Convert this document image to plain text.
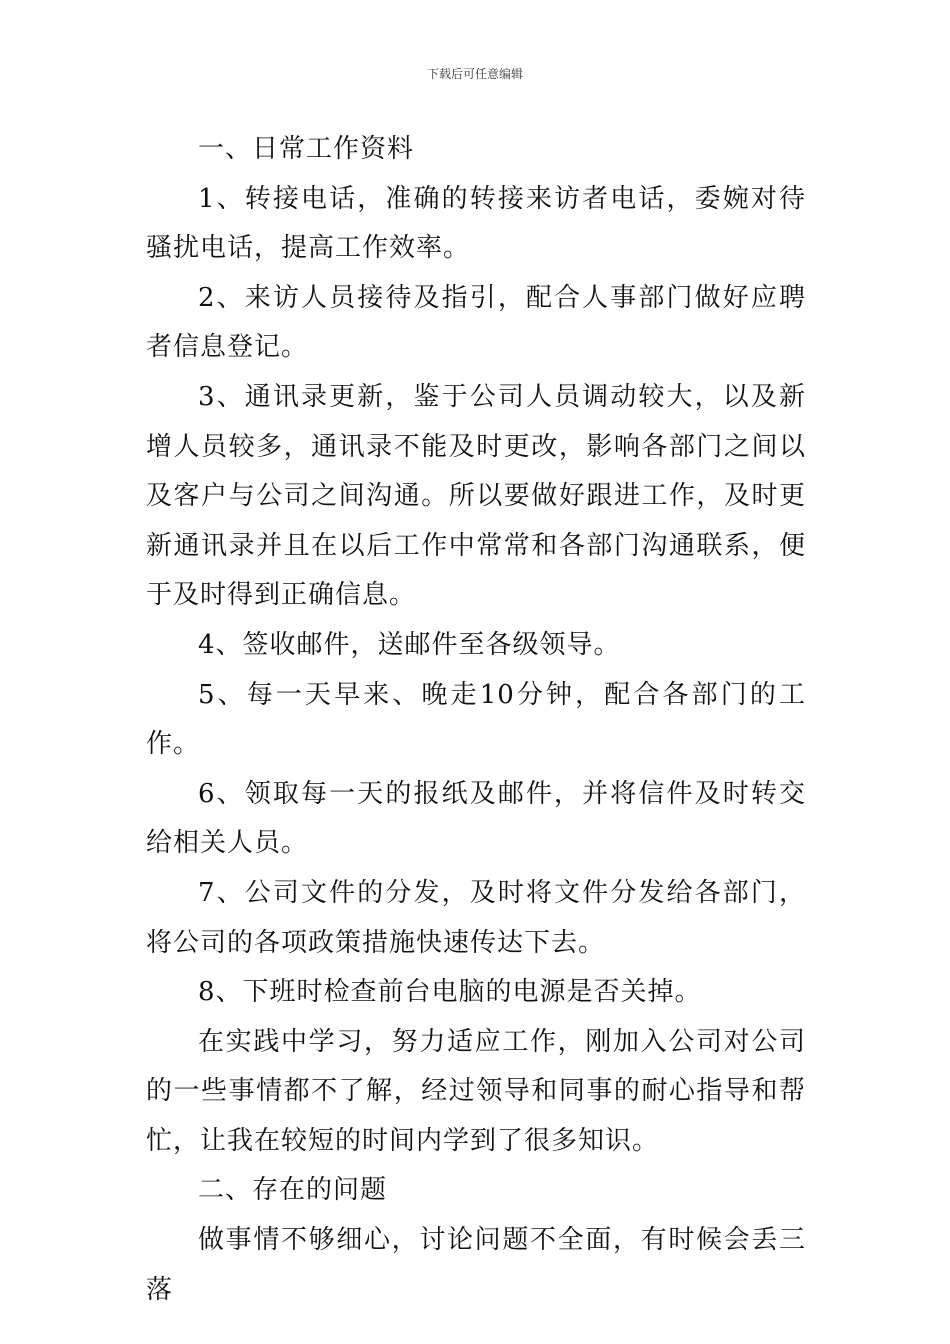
下载后可任意编辑

一、日常工作资料

1、转接电话，准确的转接来访者电话，委婉对待骚扰电话，提高工作效率。

2、来访人员接待及指引，配合人事部门做好应聘者信息登记。

3、通讯录更新，鉴于公司人员调动较大，以及新增人员较多，通讯录不能及时更改，影响各部门之间以及客户与公司之间沟通。所以要做好跟进工作，及时更新通讯录并且在以后工作中常常和各部门沟通联系，便于及时得到正确信息。

4、签收邮件，送邮件至各级领导。

5、每一天早来、晚走10分钟，配合各部门的工作。

6、领取每一天的报纸及邮件，并将信件及时转交给相关人员。

7、公司文件的分发，及时将文件分发给各部门，将公司的各项政策措施快速传达下去。

8、下班时检查前台电脑的电源是否关掉。

在实践中学习，努力适应工作，刚加入公司对公司的一些事情都不了解，经过领导和同事的耐心指导和帮忙，让我在较短的时间内学到了很多知识。

二、存在的问题

做事情不够细心，讨论问题不全面，有时候会丢三落
